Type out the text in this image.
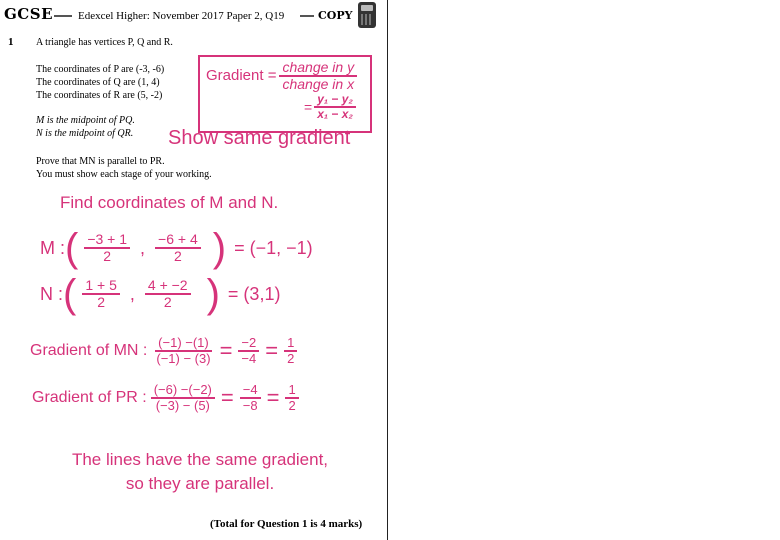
GCSE Edexcel Higher: November 2017 Paper 2, Q19	COPY
1 A triangle has vertices P, Q and R.
The coordinates of P are (-3, -6)
The coordinates of Q are (1, 4)
The coordinates of R are (5, -2)
M is the midpoint of PQ.
N is the midpoint of QR.
Prove that MN is parallel to PR.
You must show each stage of your working.
Gradient = $\frac{\text{change in y}}{\text{change in x}}$
= $\frac{\text{y₁ − y₂}}{\text{x₁ − x₂}}$
Show same gradient
Find coordinates of M and N.
M : ( $\frac{-3 + 1}{2}$ , $\frac{-6 + 4}{2}$ ) = (−1, −1)
N : ( $\frac{1 + 5}{2}$ , $\frac{4 + -2}{2}$ ) = (3,1)
Gradient of MN : $\frac{(-1) -(1)}{(-1) - (3)} = \frac{-2}{-4} = \frac{1}{2}$
Gradient of PR : $\frac{(-6) -(-2)}{(-3) - (5)} = \frac{-4}{-8} = \frac{1}{2}$
The lines have the same gradient,
so they are parallel.
(Total for Question 1 is 4 marks)
